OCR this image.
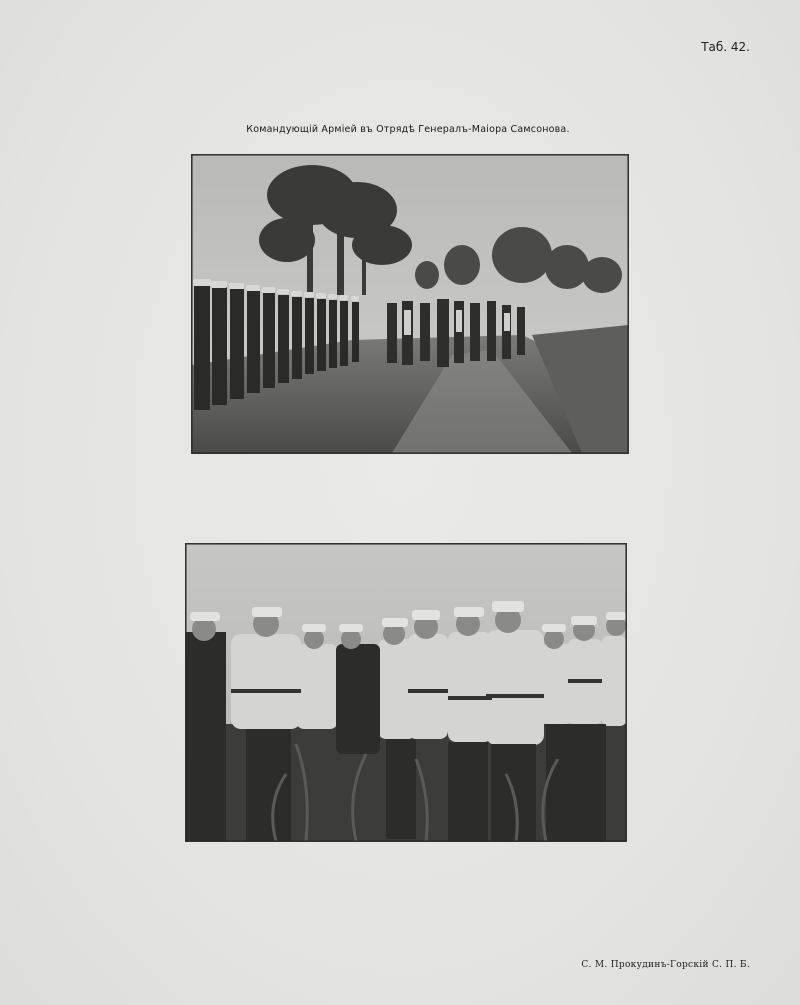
Таб. 42.
Командующій Арміей въ Отрядѣ Генералъ-Маіора Самсонова.
С. М. Прокудинъ-Горскій С. П. Б.
